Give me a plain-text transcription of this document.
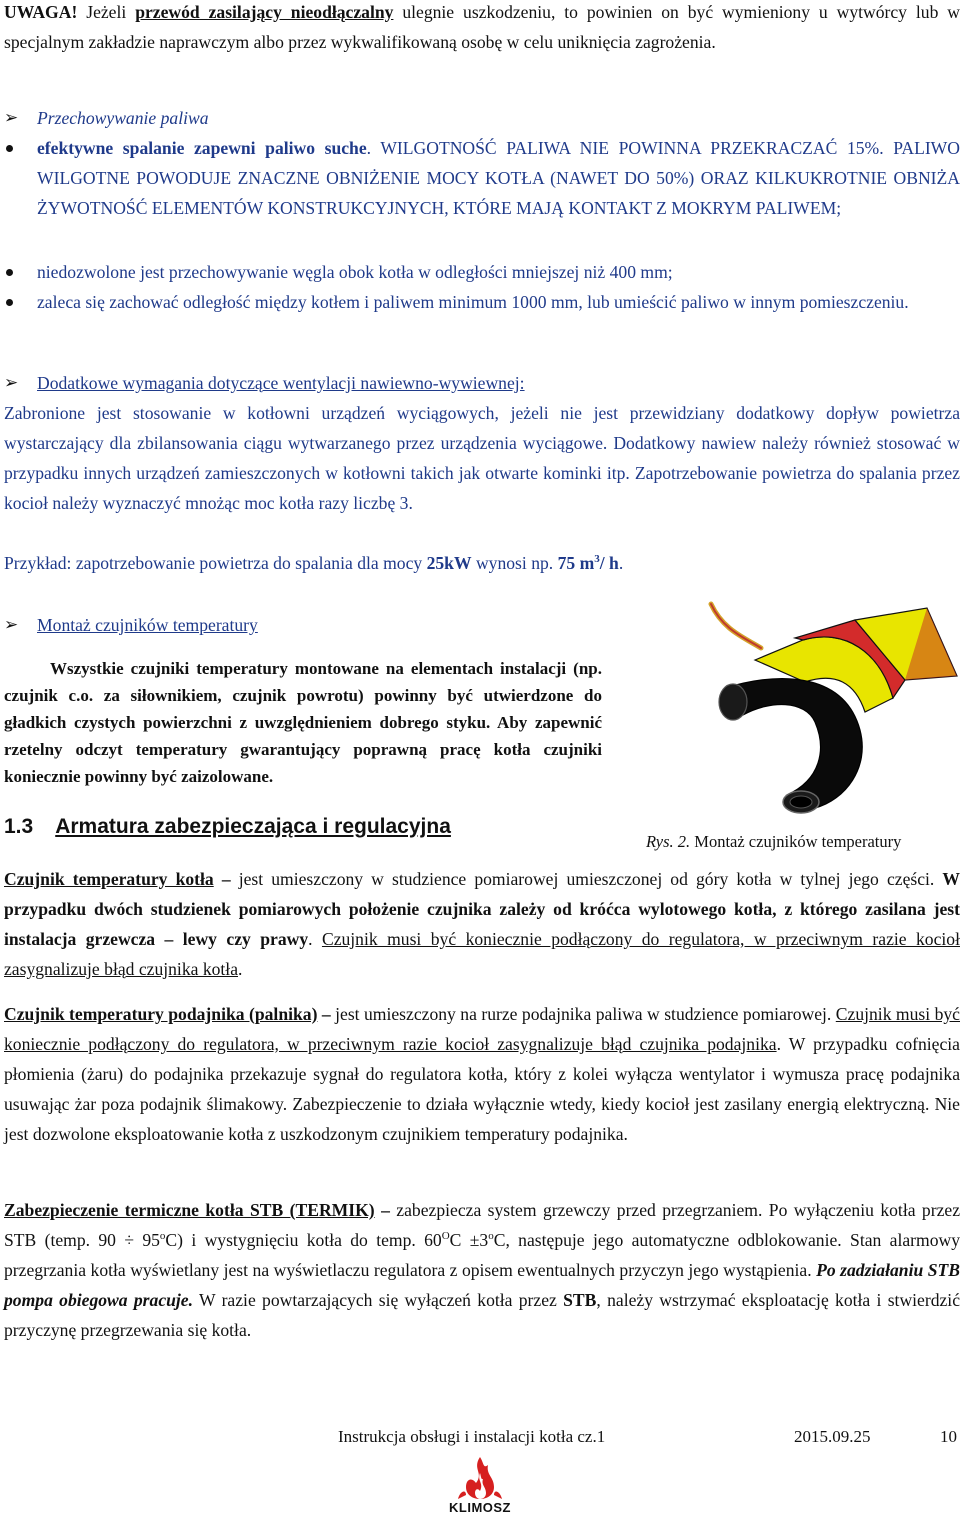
UWAGA! Jeżeli przewód zasilający nieodłączalny ulegnie uszkodzeniu, to powinien on być wymieniony u wytwórcy lub w specjalnym zakładzie naprawczym albo przez wykwalifikowaną osobę w celu uniknięcia zagrożenia.
➢ Przechowywanie paliwa
efektywne spalanie zapewni paliwo suche. WILGOTNOŚĆ PALIWA NIE POWINNA PRZEKRACZAĆ 15%. PALIWO WILGOTNE POWODUJE ZNACZNE OBNIŻENIE MOCY KOTŁA (NAWET DO 50%) ORAZ KILKUKROTNIE OBNIŻA ŻYWOTNOŚĆ ELEMENTÓW KONSTRUKCYJNYCH, KTÓRE MAJĄ KONTAKT Z MOKRYM PALIWEM;
niedozwolone jest przechowywanie węgla obok kotła w odległości mniejszej niż 400 mm;
zaleca się zachować odległość między kotłem i paliwem minimum 1000 mm, lub umieścić paliwo w innym pomieszczeniu.
➢ Dodatkowe wymagania dotyczące wentylacji nawiewno-wywiewnej:
Zabronione jest stosowanie w kotłowni urządzeń wyciągowych, jeżeli nie jest przewidziany dodatkowy dopływ powietrza wystarczający dla zbilansowania ciągu wytwarzanego przez urządzenia wyciągowe. Dodatkowy nawiew należy również stosować w przypadku innych urządzeń zamieszczonych w kotłowni takich jak otwarte kominki itp. Zapotrzebowanie powietrza do spalania przez kocioł należy wyznaczyć mnożąc moc kotła razy liczbę 3.
Przykład: zapotrzebowanie powietrza do spalania dla mocy 25kW wynosi np. 75 $m^3/$ h.
➢ Montaż czujników temperatury
Wszystkie czujniki temperatury montowane na elementach instalacji (np. czujnik c.o. za siłownikiem, czujnik powrotu) powinny być utwierdzone do gładkich czystych powierzchni z uwzględnieniem dobrego styku. Aby zapewnić rzetelny odczyt temperatury gwarantujący poprawną pracę kotła czujniki koniecznie powinny być zaizolowane.
Rys. 2. Montaż czujników temperatury
1.3 Armatura zabezpieczająca i regulacyjna
Czujnik temperatury kotła – jest umieszczony w studzience pomiarowej umieszczonej od góry kotła w tylnej jego części. W przypadku dwóch studzienek pomiarowych położenie czujnika zależy od króćca wylotowego kotła, z którego zasilana jest instalacja grzewcza – lewy czy prawy. Czujnik musi być koniecznie podłączony do regulatora, w przeciwnym razie kocioł zasygnalizuje błąd czujnika kotła.
Czujnik temperatury podajnika (palnika) – jest umieszczony na rurze podajnika paliwa w studzience pomiarowej. Czujnik musi być koniecznie podłączony do regulatora, w przeciwnym razie kocioł zasygnalizuje błąd czujnika podajnika. W przypadku cofnięcia płomienia (żaru) do podajnika przekazuje sygnał do regulatora kotła, który z kolei wyłącza wentylator i wymusza pracę podajnika usuwając żar poza podajnik ślimakowy. Zabezpieczenie to działa wyłącznie wtedy, kiedy kocioł jest zasilany energią elektryczną. Nie jest dozwolone eksploatowanie kotła z uszkodzonym czujnikiem temperatury podajnika.
Zabezpieczenie termiczne kotła STB (TERMIK) – zabezpiecza system grzewczy przed przegrzaniem. Po wyłączeniu kotła przez STB (temp. $90 \div 95^oC$) i wystygnięciu kotła do temp. $60^OC \pm 3^oC$, następuje jego automatyczne odblokowanie. Stan alarmowy przegrzania kotła wyświetlany jest na wyświetlaczu regulatora z opisem ewentualnych przyczyn jego wystąpienia. Po zadziałaniu STB pompa obiegowa pracuje. W razie powtarzających się wyłączeń kotła przez STB, należy wstrzymać eksploatację kotła i stwierdzić przyczynę przegrzewania się kotła.
Instrukcja obsługi i instalacji kotła cz.1	2015.09.25	10
KLIMOSZ
